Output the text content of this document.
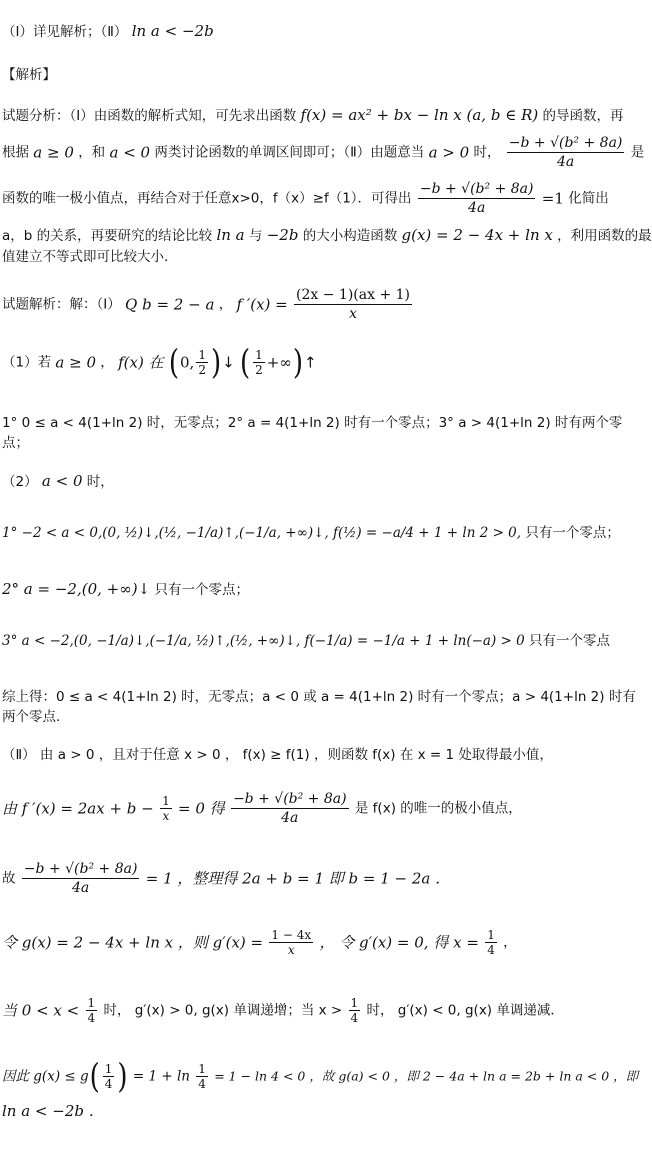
（Ⅰ）详见解析；（Ⅱ） ln a < −2b
【解析】
试题分析：（Ⅰ）由函数的解析式知，可先求出函数 f(x) = ax² + bx − ln x (a, b ∈ R) 的导函数，再
根据 a ≥ 0 ，和 a < 0 两类讨论函数的单调区间即可；（Ⅱ）由题意当 a > 0 时， $\frac{\text{−b + √(b² + 8a)}}{4a}$ 是
函数的唯一极小值点，再结合对于任意x>0，f（x）≥f（1）．可得出 $\frac{\text{−b + √(b² + 8a)}}{4a} =1$ 化简出
a，b 的关系，再要研究的结论比较 ln a 与 −2b 的大小构造函数 g(x) = 2 − 4x + ln x ，利用函数的最
值建立不等式即可比较大小．
试题解析：解：（Ⅰ） Q b = 2 − a ， f $'(x) = \frac{(2x - 1)(ax + 1)}{x}$
（1）若 a ≥ 0 ， f(x) 在 (0, $\frac{1}{2}$ )↓ ( $\frac{1}{2}$ +∞)↑
1° 0 ≤ a < 4(1+ln 2) 时，无零点；2° a = 4(1+ln 2) 时有一个零点；3° a > 4(1+ln 2) 时有两个零
点；
（2） a < 0 时，
1° −2 < a < 0,(0, ½)↓,(½, −1/a)↑,(−1/a, +∞)↓, f(½) = −a/4 + 1 + ln 2 > 0, 只有一个零点；
2° a = −2,(0, +∞)↓ 只有一个零点；
3° a < −2,(0, −1/a)↓,(−1/a, ½)↑,(½, +∞)↓, f(−1/a) = −1/a + 1 + ln(−a) > 0 只有一个零点
综上得：0 ≤ a < 4(1+ln 2) 时，无零点；a < 0 或 a = 4(1+ln 2) 时有一个零点；a > 4(1+ln 2) 时有
两个零点．
（Ⅱ） 由 a > 0 ，且对于任意 x > 0 ， f(x) ≥ f(1) ，则函数 f(x) 在 x = 1 处取得最小值，
由 f $'(x) = 2ax + b - \frac{1}{x} = 0$ 得 $\frac{\text{−b + √(b² + 8a)}}{4a}$ 是 f(x) 的唯一的极小值点，
故 $\frac{\text{−b + √(b² + 8a)}}{4a} = 1$ ，整理得 2a + b = 1 即 b = 1 − 2a ．
令 g(x) = 2 − 4x + ln x ，则 $g'(x) = \frac{1 - 4x}{x}$ ， 令 g′(x) = 0, 得 $x = \frac{1}{4}$ ，
当 $0 < x < \frac{1}{4}$ 时， g′(x) > 0, g(x) 单调递增；当 $x > \frac{1}{4}$ 时， g′(x) < 0, g(x) 单调递减．
因此 $g(x) \le g( \frac{1}{4}$ ) = $1 + \ln \frac{1}{4} = 1 - \ln 4 < 0$ ，故 g(a) < 0 ，即 2 − 4a + ln a = 2b + ln a < 0 ，即
ln a < −2b ．
